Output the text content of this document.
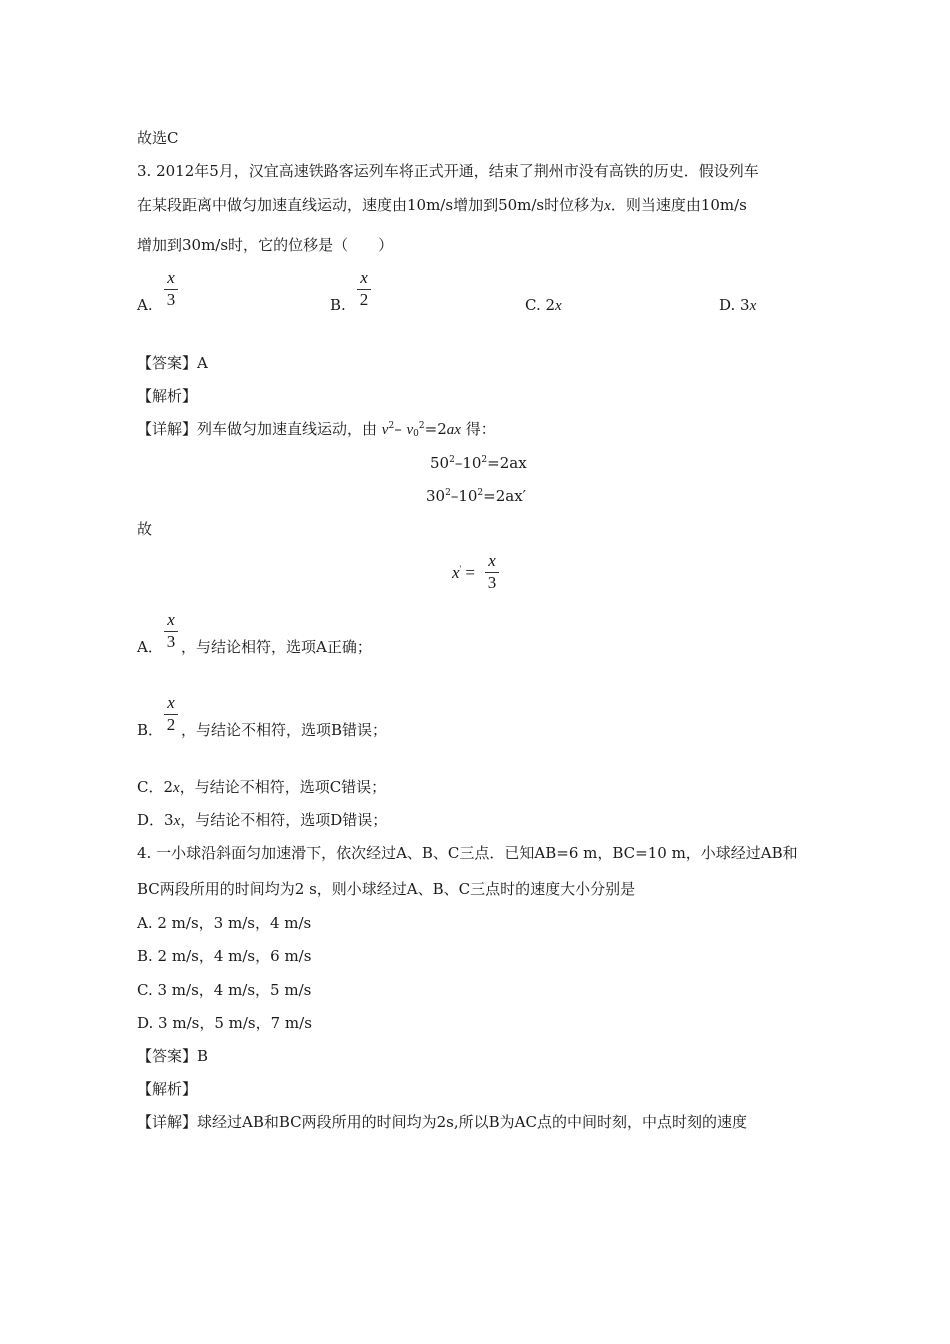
故选C
3. 2012年5月，汉宜高速铁路客运列车将正式开通，结束了荆州市没有高铁的历史．假设列车
在某段距离中做匀加速直线运动，速度由10m/s增加到50m/s时位移为x．则当速度由10m/s
增加到30m/s时，它的位移是（　　）
A.
x
3	B.
x
2	C. 2x	D. 3x
【答案】A
【解析】
【详解】列车做匀加速直线运动，由 $v^2-$ $v_0^2=2ax$ 得：
$50^2-10^2=2ax$
$30^2-10^2=2ax'$
故
x' =
x
3
A．
x
3 ，与结论相符，选项A正确；
B．
x
2 ，与结论不相符，选项B错误；
C．2x，与结论不相符，选项C错误；
D．3x，与结论不相符，选项D错误；
4. 一小球沿斜面匀加速滑下，依次经过A、B、C三点．已知AB=6 m，BC=10 m，小球经过AB和
BC两段所用的时间均为2 s，则小球经过A、B、C三点时的速度大小分别是
A. 2 m/s，3 m/s，4 m/s
B. 2 m/s，4 m/s，6 m/s
C. 3 m/s，4 m/s，5 m/s
D. 3 m/s，5 m/s，7 m/s
【答案】B
【解析】
【详解】球经过AB和BC两段所用的时间均为2s,所以B为AC点的中间时刻，中点时刻的速度
